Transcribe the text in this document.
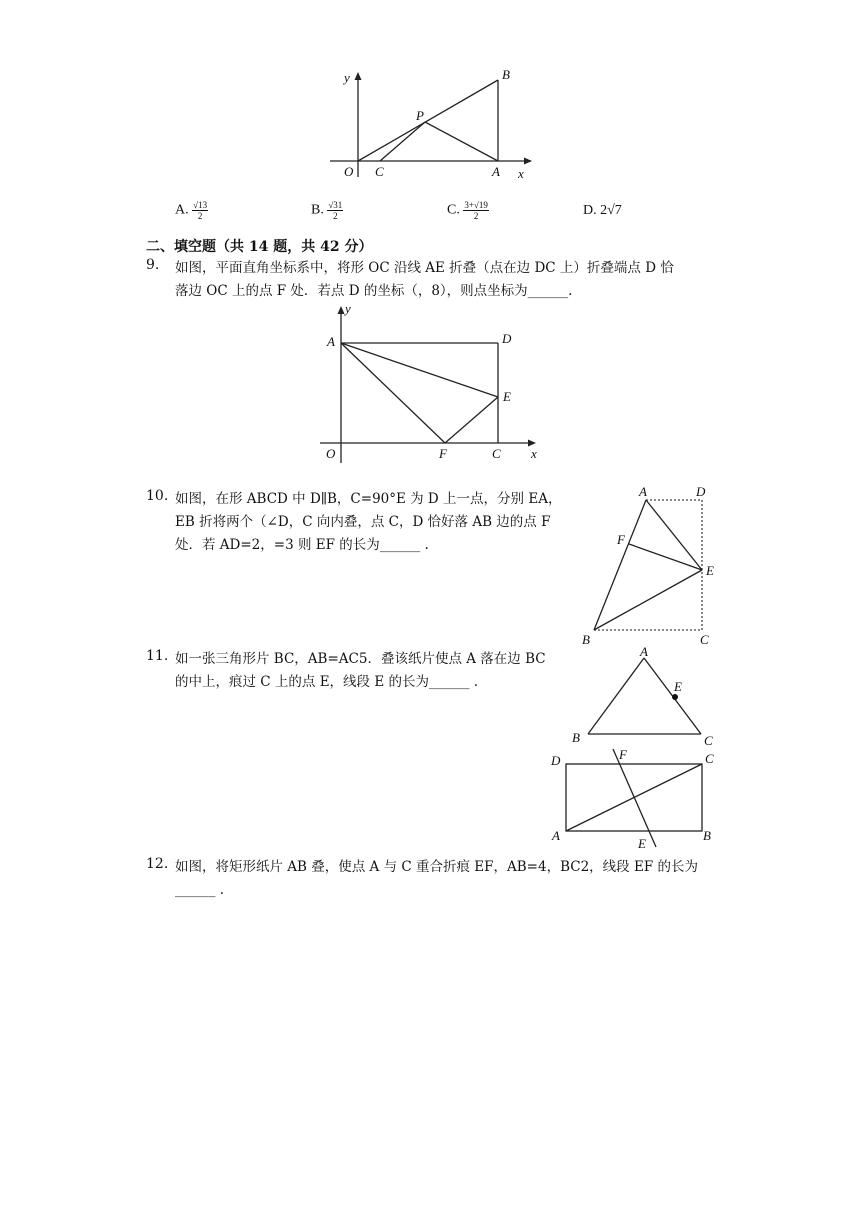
y
x
O C
P
A
B
A. $\frac{√13}{2}$	B. $\frac{√31}{2}$	C. $\frac{3+√19}{2}$	D. 2√7
二、填空题（共 14 题，共 42 分）
9. 如图，平面直角坐标系中，将形 OC 沿线 AE 折叠（点在边 DC 上）折叠端点 D 恰
落边 OC 上的点 F 处．若点 D 的坐标（，8），则点坐标为______.
y
x
O
A	D
E
F	C
10. 如图，在形 ABCD 中 D∥B，C=90°E 为 D 上一点，分别 EA，
EB 折将两个（∠D，C 向内叠，点 C，D 恰好落 AB 边的点 F
处．若 AD=2，=3 则 EF 的长为______ .
A	D
F
E
B	C
11. 如一张三角形片 BC，AB=AC5．叠该纸片使点 A 落在边 BC
的中上，痕过 C 上的点 E，线段 E 的长为______ .
A
E
B	C
D	F	C
A
E
B
12. 如图，将矩形纸片 AB 叠，使点 A 与 C 重合折痕 EF，AB=4，BC2，线段 EF 的长为
______ .
